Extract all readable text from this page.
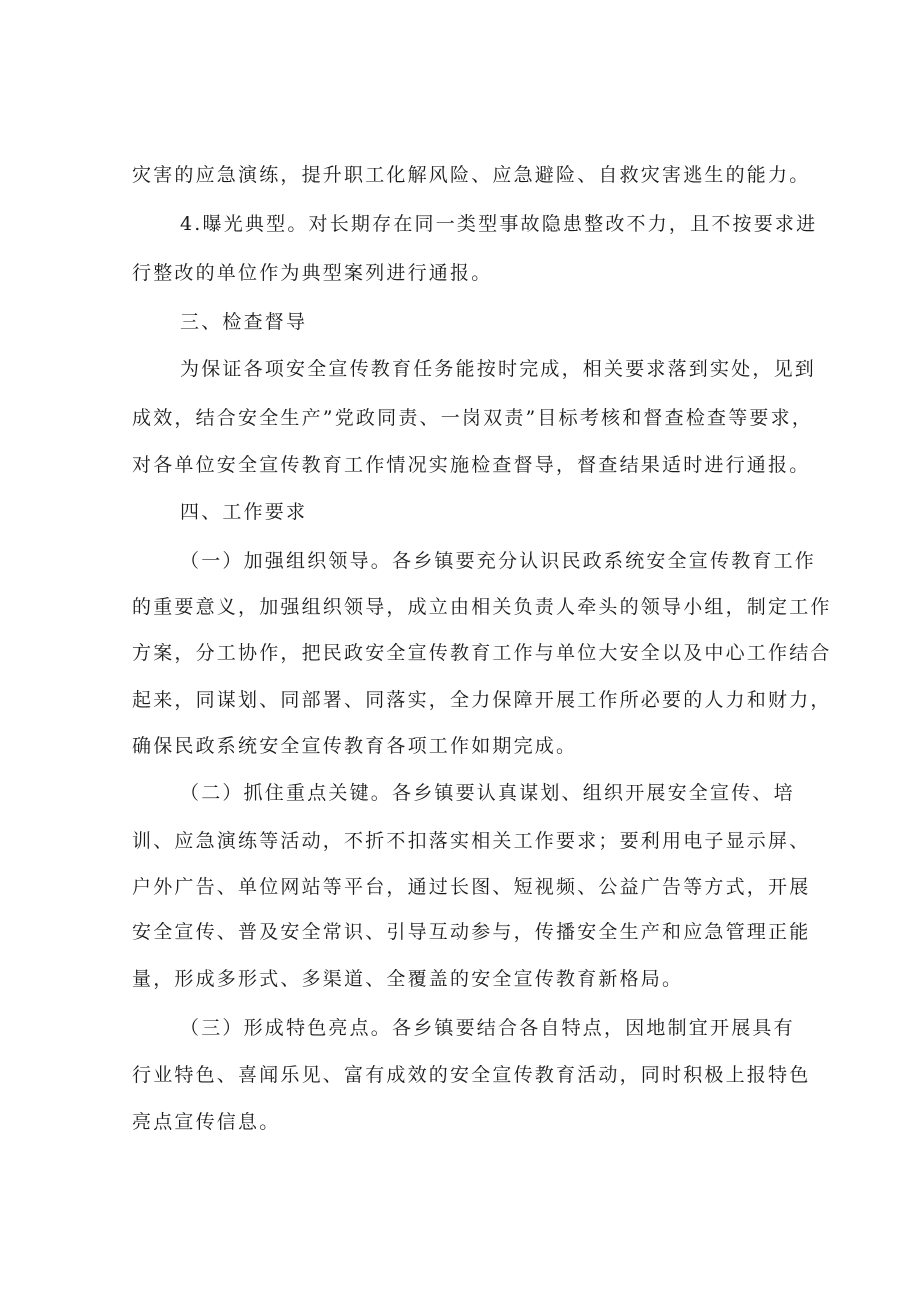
灾害的应急演练，提升职工化解风险、应急避险、自救灾害逃生的能力。
4.曝光典型。对长期存在同一类型事故隐患整改不力，且不按要求进
行整改的单位作为典型案列进行通报。
三、检查督导
为保证各项安全宣传教育任务能按时完成，相关要求落到实处，见到
成效，结合安全生产”党政同责、一岗双责”目标考核和督查检查等要求，
对各单位安全宣传教育工作情况实施检查督导，督查结果适时进行通报。
四、工作要求
（一）加强组织领导。各乡镇要充分认识民政系统安全宣传教育工作
的重要意义，加强组织领导，成立由相关负责人牵头的领导小组，制定工作
方案，分工协作，把民政安全宣传教育工作与单位大安全以及中心工作结合
起来，同谋划、同部署、同落实，全力保障开展工作所必要的人力和财力，
确保民政系统安全宣传教育各项工作如期完成。
（二）抓住重点关键。各乡镇要认真谋划、组织开展安全宣传、培
训、应急演练等活动，不折不扣落实相关工作要求；要利用电子显示屏、
户外广告、单位网站等平台，通过长图、短视频、公益广告等方式，开展
安全宣传、普及安全常识、引导互动参与，传播安全生产和应急管理正能
量，形成多形式、多渠道、全覆盖的安全宣传教育新格局。
（三）形成特色亮点。各乡镇要结合各自特点，因地制宜开展具有
行业特色、喜闻乐见、富有成效的安全宣传教育活动，同时积极上报特色
亮点宣传信息。
